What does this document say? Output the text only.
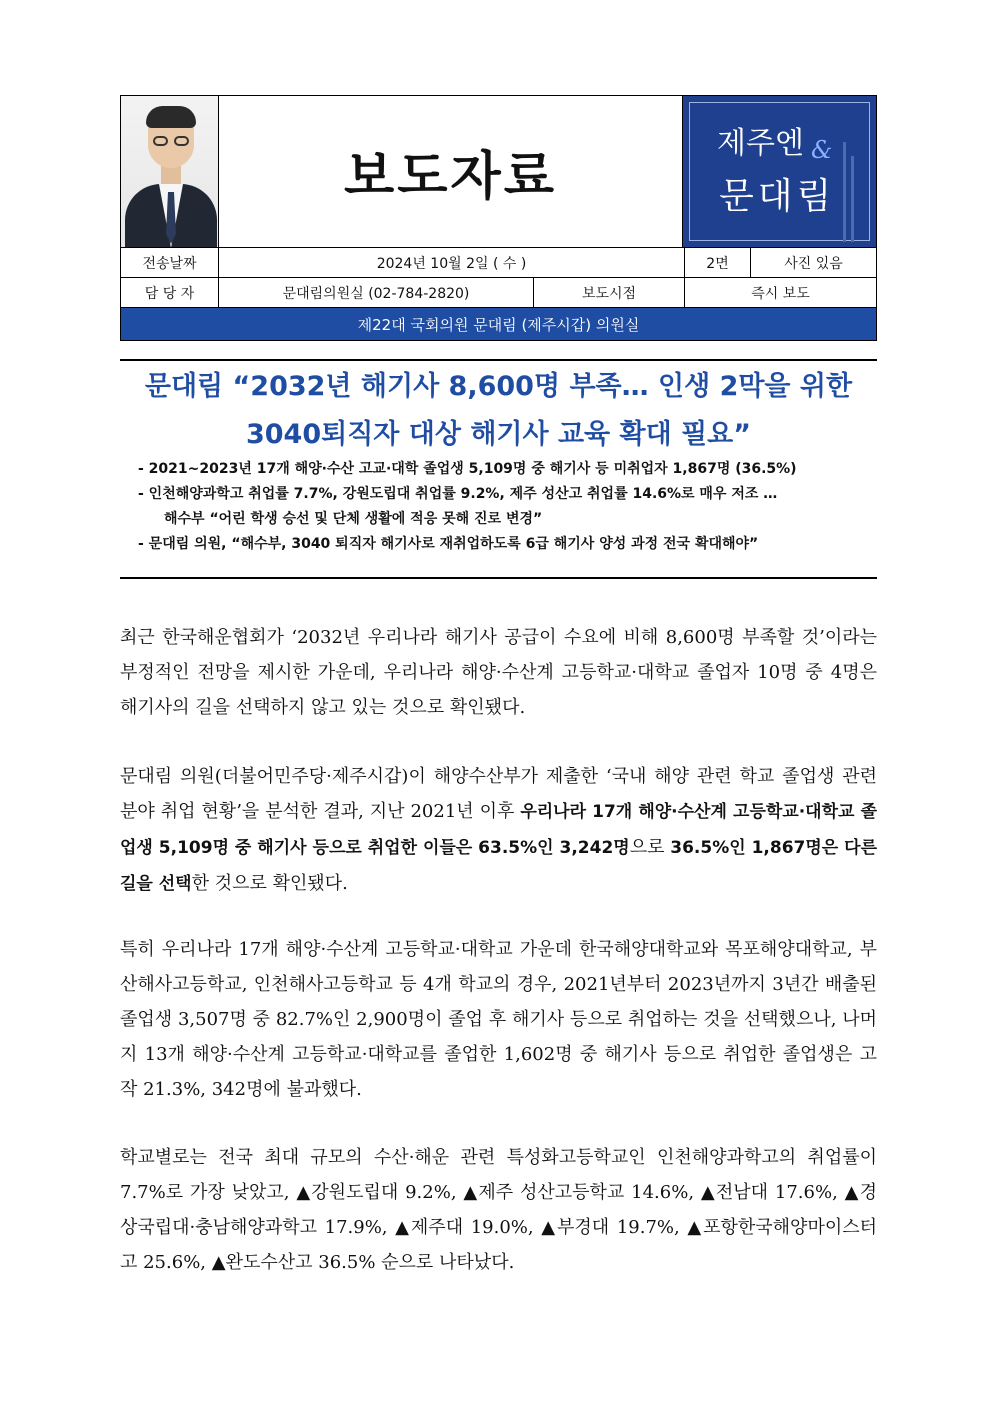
보도자료
제주엔 &
문대림
전송날짜	2024년 10월 2일 ( 수 )	2면	사진 있음
담 당 자	문대림의원실 (02-784-2820)	보도시점	즉시 보도
제22대 국회의원 문대림 (제주시갑) 의원실
문대림 “2032년 해기사 8,600명 부족… 인생 2막을 위한
3040퇴직자 대상 해기사 교육 확대 필요”
- 2021~2023년 17개 해양·수산 고교·대학 졸업생 5,109명 중 해기사 등 미취업자 1,867명 (36.5%)
- 인천해양과학고 취업률 7.7%, 강원도립대 취업률 9.2%, 제주 성산고 취업률 14.6%로 매우 저조 …
해수부 “어린 학생 승선 및 단체 생활에 적응 못해 진로 변경”
- 문대림 의원, “해수부, 3040 퇴직자 해기사로 재취업하도록 6급 해기사 양성 과정 전국 확대해야”

최근 한국해운협회가 ‘2032년 우리나라 해기사 공급이 수요에 비해 8,600명 부족할 것’이라는 부정적인 전망을 제시한 가운데, 우리나라 해양·수산계 고등학교·대학교 졸업자 10명 중 4명은 해기사의 길을 선택하지 않고 있는 것으로 확인됐다.

문대림 의원(더불어민주당·제주시갑)이 해양수산부가 제출한 ‘국내 해양 관련 학교 졸업생 관련 분야 취업 현황’을 분석한 결과, 지난 2021년 이후 우리나라 17개 해양·수산계 고등학교·대학교 졸업생 5,109명 중 해기사 등으로 취업한 이들은 63.5%인 3,242명으로 36.5%인 1,867명은 다른 길을 선택한 것으로 확인됐다.

특히 우리나라 17개 해양·수산계 고등학교·대학교 가운데 한국해양대학교와 목포해양대학교, 부산해사고등학교, 인천해사고등학교 등 4개 학교의 경우, 2021년부터 2023년까지 3년간 배출된 졸업생 3,507명 중 82.7%인 2,900명이 졸업 후 해기사 등으로 취업하는 것을 선택했으나, 나머지 13개 해양·수산계 고등학교·대학교를 졸업한 1,602명 중 해기사 등으로 취업한 졸업생은 고작 21.3%, 342명에 불과했다.

학교별로는 전국 최대 규모의 수산·해운 관련 특성화고등학교인 인천해양과학고의 취업률이 7.7%로 가장 낮았고, ▲강원도립대 9.2%, ▲제주 성산고등학교 14.6%, ▲전남대 17.6%, ▲경상국립대·충남해양과학고 17.9%, ▲제주대 19.0%, ▲부경대 19.7%, ▲포항한국해양마이스터고 25.6%, ▲완도수산고 36.5% 순으로 나타났다.
